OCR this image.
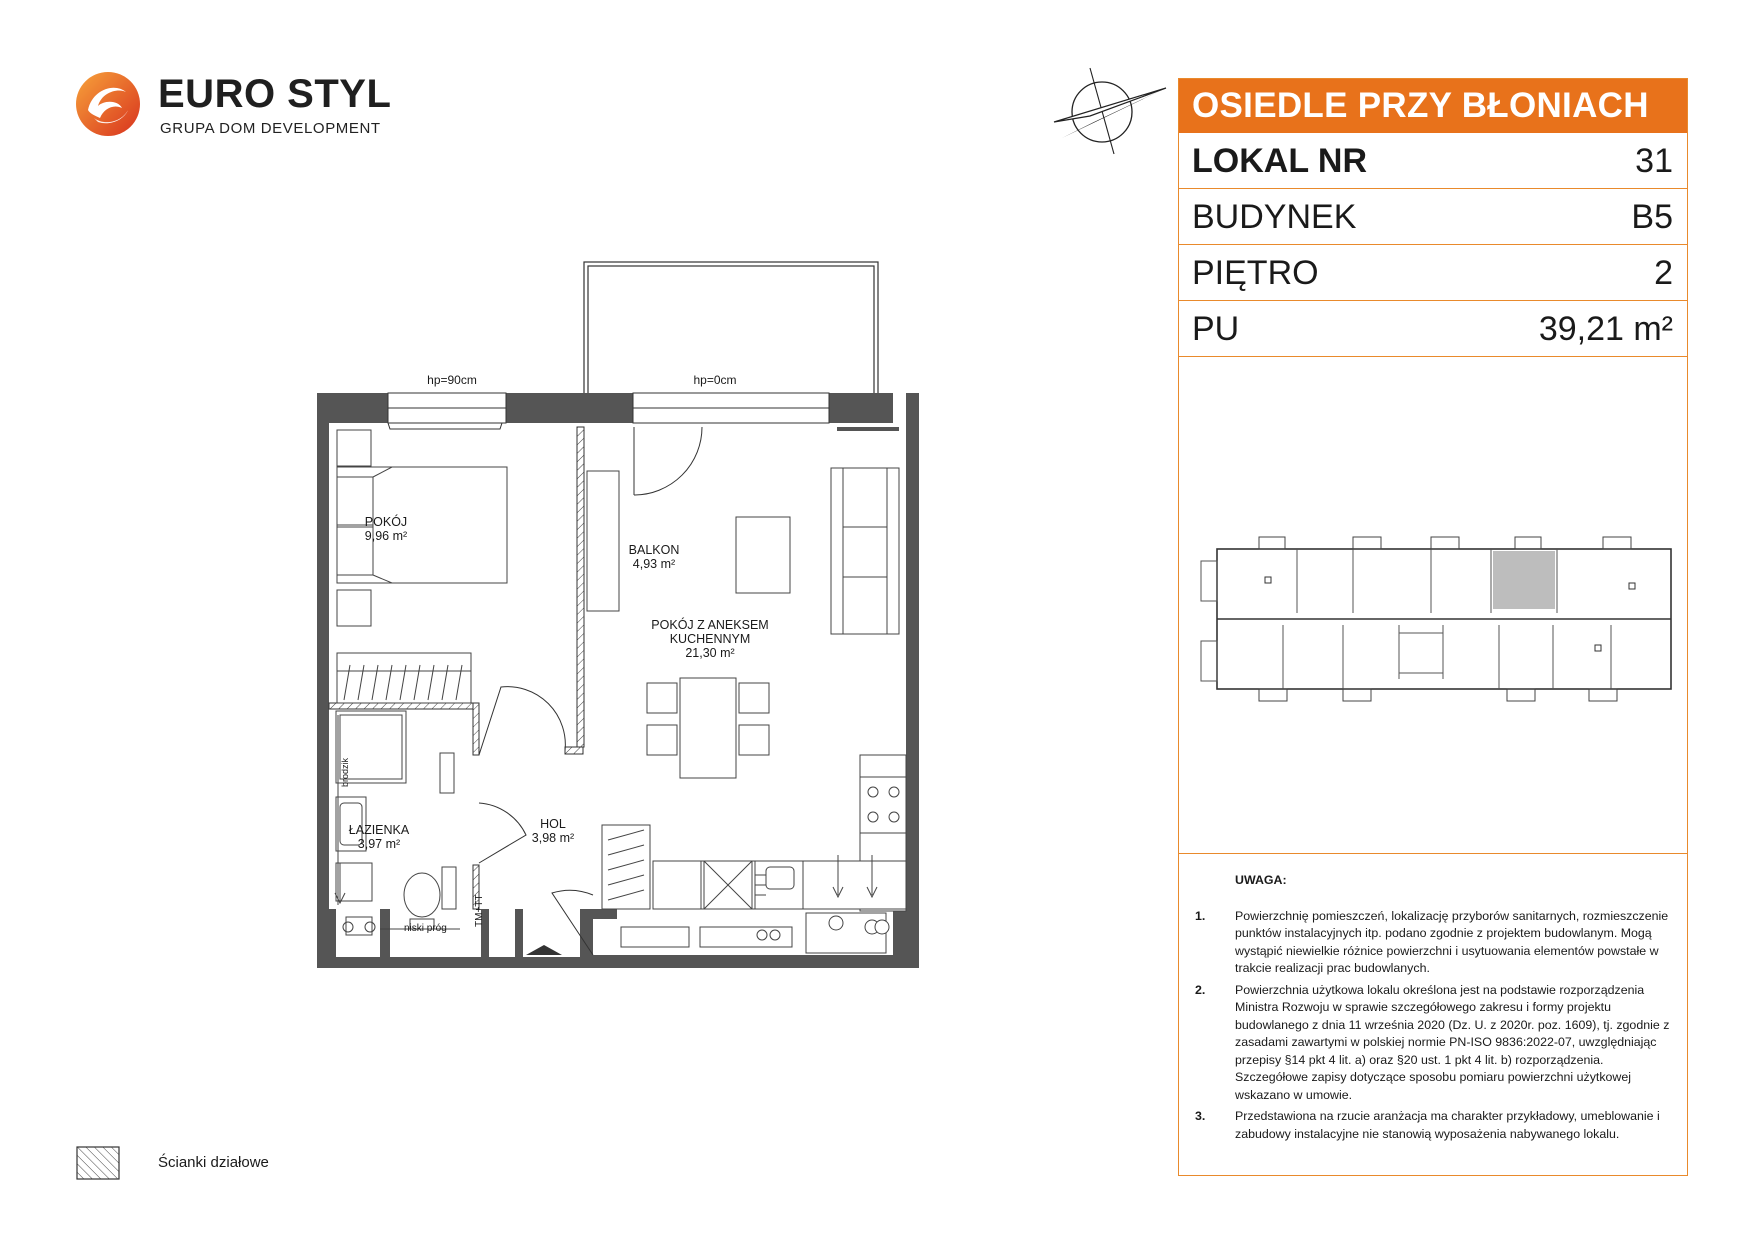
EURO STYL
GRUPA DOM DEVELOPMENT
OSIEDLE PRZY BŁONIACH
LOKAL NR	31
BUDYNEK	B5
PIĘTRO	2
PU	39,21 m²
UWAGA:
1. Powierzchnię pomieszczeń, lokalizację przyborów sanitarnych, rozmieszczenie punktów instalacyjnych itp. podano zgodnie z projektem budowlanym. Mogą wystąpić niewielkie różnice powierzchni i usytuowania elementów powstałe w trakcie realizacji prac budowlanych.
2. Powierzchnia użytkowa lokalu określona jest na podstawie rozporządzenia Ministra Rozwoju w sprawie szczegółowego zakresu i formy projektu budowlanego z dnia 11 września 2020 (Dz. U. z 2020r. poz. 1609), tj. zgodnie z zasadami zawartymi w polskiej normie PN-ISO 9836:2022-07, uwzględniając przepisy §14 pkt 4 lit. a) oraz §20 ust. 1 pkt 4 lit. b) rozporządzenia. Szczegółowe zapisy dotyczące sposobu pomiaru powierzchni użytkowej wskazano w umowie.
3. Przedstawiona na rzucie aranżacja ma charakter przykładowy, umeblowanie i zabudowy instalacyjne nie stanowią wyposażenia nabywanego lokalu.
BALKON
4,93 m²
POKÓJ
9,96 m²
POKÓJ Z ANEKSEM
KUCHENNYM
21,30 m²
ŁAZIENKA
3,97 m²
HOL
3,98 m²
hp=90cm	hp=0cm
niski próg
TM+TT
brodzik
Ścianki działowe
